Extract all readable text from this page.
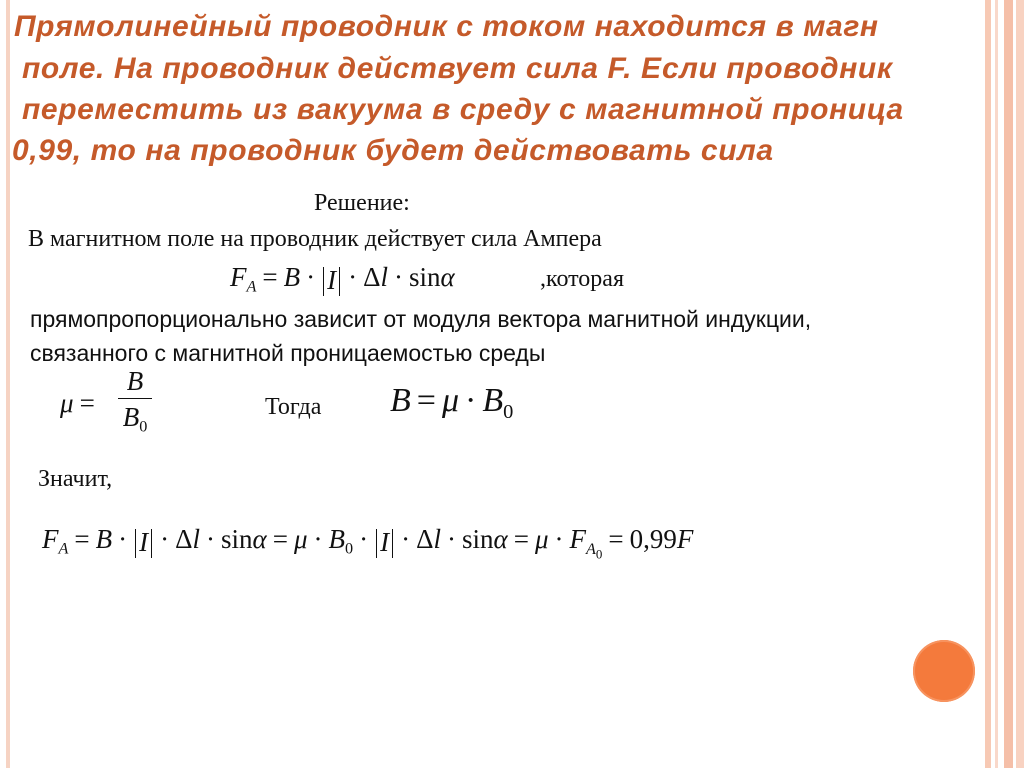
Прямолинейный проводник с током находится в магн
поле. На проводник действует сила F. Если проводник
переместить из вакуума в среду с магнитной проница
0,99, то на проводник будет действовать сила
Решение:
В магнитном поле на проводник действует сила Ампера
$F_A = B \cdot I \cdot \Delta l \cdot \sin\alpha$	,которая
прямопропорционально зависит от модуля вектора магнитной индукции,
связанного с магнитной проницаемостью среды
μ =
B
$B_0$
Тогда $B = \mu \cdot B_0$
Значит,
$F_A = B \cdot I \cdot \Delta l \cdot \sin\alpha = \mu \cdot B_0 \cdot I \cdot \Delta l \cdot \sin\alpha = \mu \cdot F_{A_0} = 0,99F$
